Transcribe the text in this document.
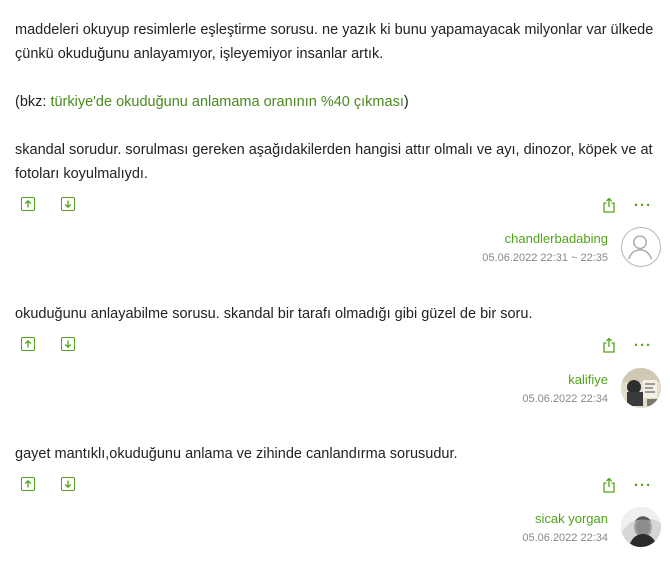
maddeleri okuyup resimlerle eşleştirme sorusu. ne yazık ki bunu yapamayacak milyonlar var ülkede çünkü okuduğunu anlayamıyor, işleyemiyor insanlar artık.

(bkz: türkiye'de okuduğunu anlamama oranının %40 çıkması)

skandal sorudur. sorulması gereken aşağıdakilerden hangisi attır olmalı ve ayı, dinozor, köpek ve at fotoları koyulmalıydı.

···
chandlerbadabing
05.06.2022 22:31 ~ 22:35

okuduğunu anlayabilme sorusu. skandal bir tarafı olmadığı gibi güzel de bir soru.

···
kalifiye
05.06.2022 22:34

gayet mantıklı,okuduğunu anlama ve zihinde canlandırma sorusudur.

···
sicak yorgan
05.06.2022 22:34
